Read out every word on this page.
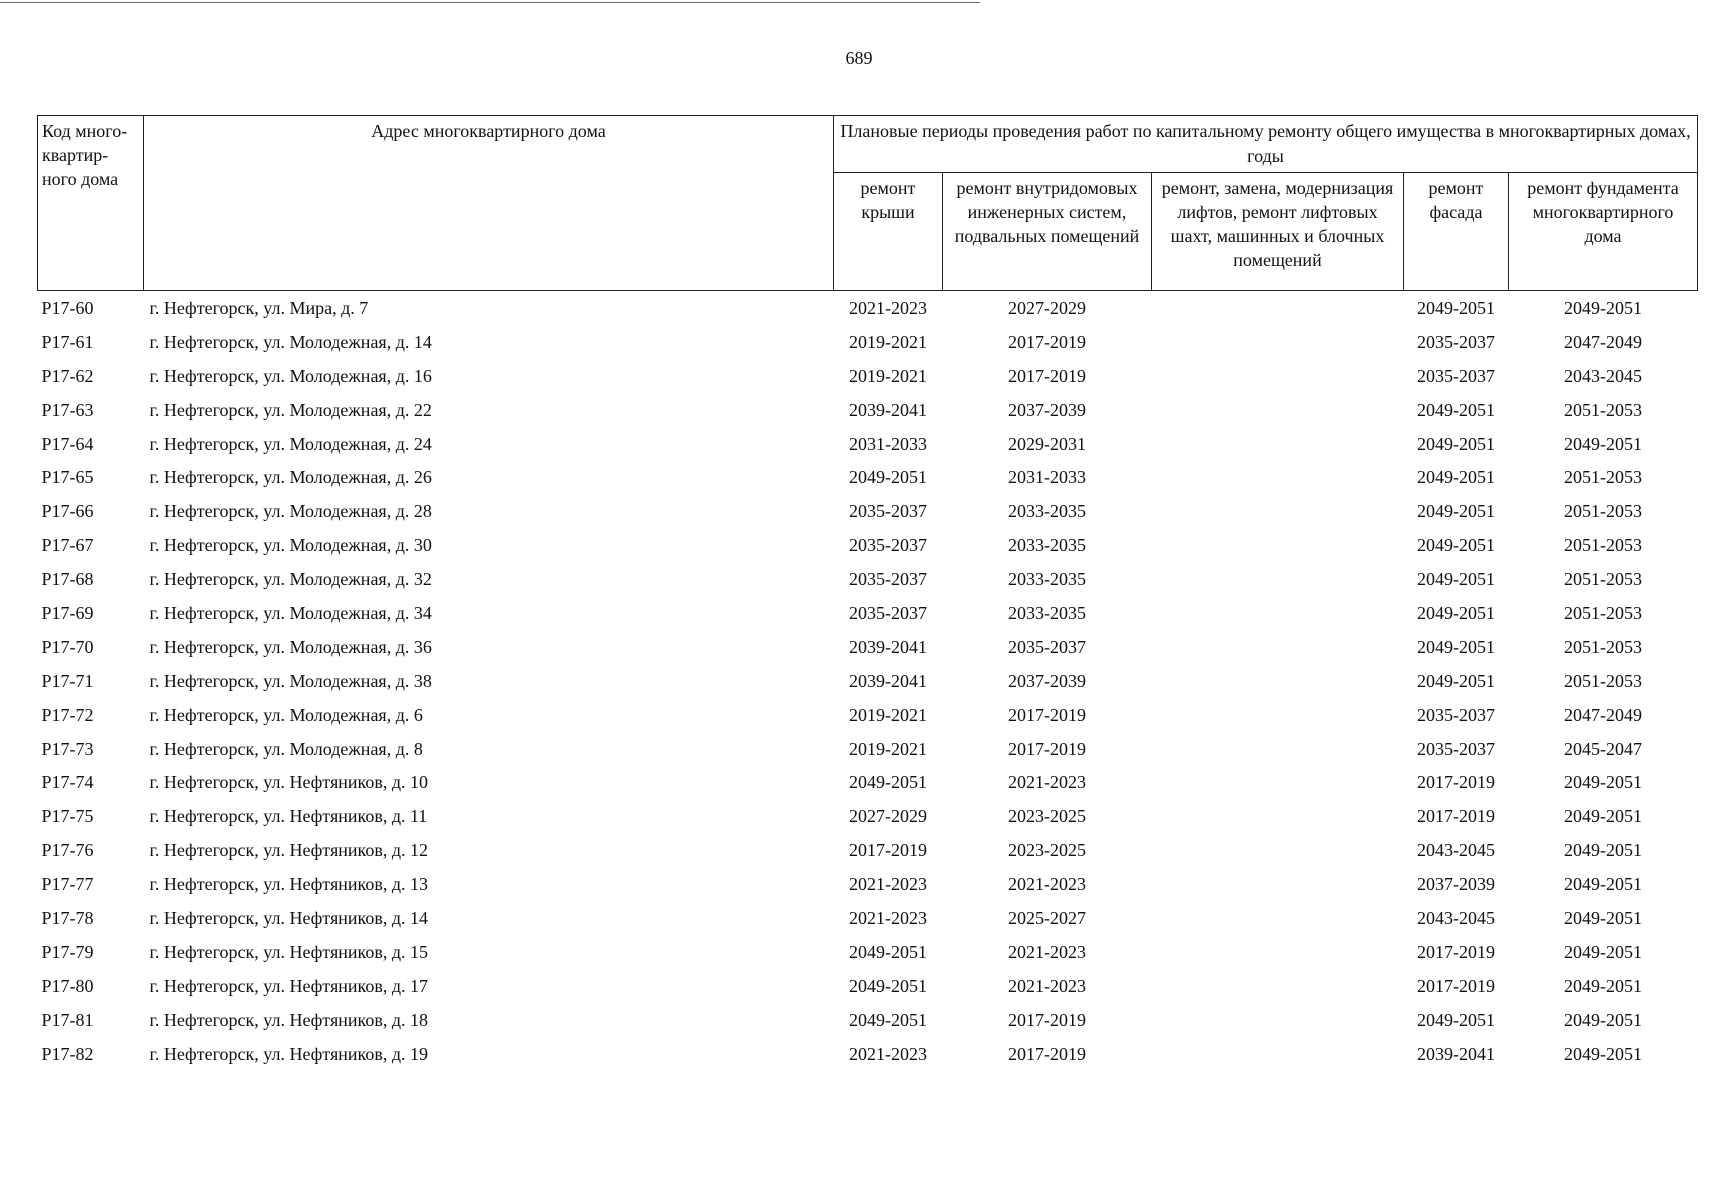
689
Код много-квартир-ного дома	Адрес многоквартирного дома	Плановые периоды проведения работ по капитальному ремонту общего имущества в многоквартирных домах, годы				
		ремонт крыши	ремонт внутридомовых инженерных систем, подвальных помещений	ремонт, замена, модернизация лифтов, ремонт лифтовых шахт, машинных и блочных помещений	ремонт фасада	ремонт фундамента многоквартирного дома
Р17-60	г. Нефтегорск, ул. Мира, д. 7	2021-2023	2027-2029		2049-2051	2049-2051
Р17-61	г. Нефтегорск, ул. Молодежная, д. 14	2019-2021	2017-2019		2035-2037	2047-2049
Р17-62	г. Нефтегорск, ул. Молодежная, д. 16	2019-2021	2017-2019		2035-2037	2043-2045
Р17-63	г. Нефтегорск, ул. Молодежная, д. 22	2039-2041	2037-2039		2049-2051	2051-2053
Р17-64	г. Нефтегорск, ул. Молодежная, д. 24	2031-2033	2029-2031		2049-2051	2049-2051
Р17-65	г. Нефтегорск, ул. Молодежная, д. 26	2049-2051	2031-2033		2049-2051	2051-2053
Р17-66	г. Нефтегорск, ул. Молодежная, д. 28	2035-2037	2033-2035		2049-2051	2051-2053
Р17-67	г. Нефтегорск, ул. Молодежная, д. 30	2035-2037	2033-2035		2049-2051	2051-2053
Р17-68	г. Нефтегорск, ул. Молодежная, д. 32	2035-2037	2033-2035		2049-2051	2051-2053
Р17-69	г. Нефтегорск, ул. Молодежная, д. 34	2035-2037	2033-2035		2049-2051	2051-2053
Р17-70	г. Нефтегорск, ул. Молодежная, д. 36	2039-2041	2035-2037		2049-2051	2051-2053
Р17-71	г. Нефтегорск, ул. Молодежная, д. 38	2039-2041	2037-2039		2049-2051	2051-2053
Р17-72	г. Нефтегорск, ул. Молодежная, д. 6	2019-2021	2017-2019		2035-2037	2047-2049
Р17-73	г. Нефтегорск, ул. Молодежная, д. 8	2019-2021	2017-2019		2035-2037	2045-2047
Р17-74	г. Нефтегорск, ул. Нефтяников, д. 10	2049-2051	2021-2023		2017-2019	2049-2051
Р17-75	г. Нефтегорск, ул. Нефтяников, д. 11	2027-2029	2023-2025		2017-2019	2049-2051
Р17-76	г. Нефтегорск, ул. Нефтяников, д. 12	2017-2019	2023-2025		2043-2045	2049-2051
Р17-77	г. Нефтегорск, ул. Нефтяников, д. 13	2021-2023	2021-2023		2037-2039	2049-2051
Р17-78	г. Нефтегорск, ул. Нефтяников, д. 14	2021-2023	2025-2027		2043-2045	2049-2051
Р17-79	г. Нефтегорск, ул. Нефтяников, д. 15	2049-2051	2021-2023		2017-2019	2049-2051
Р17-80	г. Нефтегорск, ул. Нефтяников, д. 17	2049-2051	2021-2023		2017-2019	2049-2051
Р17-81	г. Нефтегорск, ул. Нефтяников, д. 18	2049-2051	2017-2019		2049-2051	2049-2051
Р17-82	г. Нефтегорск, ул. Нефтяников, д. 19	2021-2023	2017-2019		2039-2041	2049-2051
